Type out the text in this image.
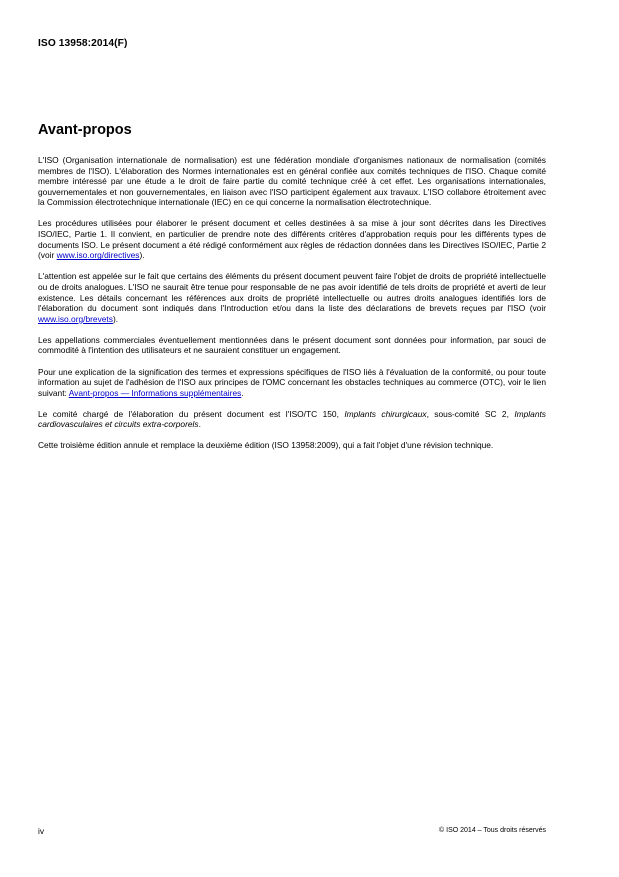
ISO 13958:2014(F)
Avant-propos

L'ISO (Organisation internationale de normalisation) est une fédération mondiale d'organismes nationaux de normalisation (comités membres de l'ISO). L'élaboration des Normes internationales est en général confiée aux comités techniques de l'ISO. Chaque comité membre intéressé par une étude a le droit de faire partie du comité technique créé à cet effet. Les organisations internationales, gouvernementales et non gouvernementales, en liaison avec l'ISO participent également aux travaux. L'ISO collabore étroitement avec la Commission électrotechnique internationale (IEC) en ce qui concerne la normalisation électrotechnique.

Les procédures utilisées pour élaborer le présent document et celles destinées à sa mise à jour sont décrites dans les Directives ISO/IEC, Partie 1. Il convient, en particulier de prendre note des différents critères d'approbation requis pour les différents types de documents ISO. Le présent document a été rédigé conformément aux règles de rédaction données dans les Directives ISO/IEC, Partie 2 (voir www.iso.org/directives).

L'attention est appelée sur le fait que certains des éléments du présent document peuvent faire l'objet de droits de propriété intellectuelle ou de droits analogues. L'ISO ne saurait être tenue pour responsable de ne pas avoir identifié de tels droits de propriété et averti de leur existence. Les détails concernant les références aux droits de propriété intellectuelle ou autres droits analogues identifiés lors de l'élaboration du document sont indiqués dans l'Introduction et/ou dans la liste des déclarations de brevets reçues par l'ISO (voir www.iso.org/brevets).

Les appellations commerciales éventuellement mentionnées dans le présent document sont données pour information, par souci de commodité à l'intention des utilisateurs et ne sauraient constituer un engagement.

Pour une explication de la signification des termes et expressions spécifiques de l'ISO liés à l'évaluation de la conformité, ou pour toute information au sujet de l'adhésion de l'ISO aux principes de l'OMC concernant les obstacles techniques au commerce (OTC), voir le lien suivant: Avant-propos — Informations supplémentaires.

Le comité chargé de l'élaboration du présent document est l'ISO/TC 150, Implants chirurgicaux, sous-comité SC 2, Implants cardiovasculaires et circuits extra-corporels.

Cette troisième édition annule et remplace la deuxième édition (ISO 13958:2009), qui a fait l'objet d'une révision technique.

iv	© ISO 2014 – Tous droits réservés
